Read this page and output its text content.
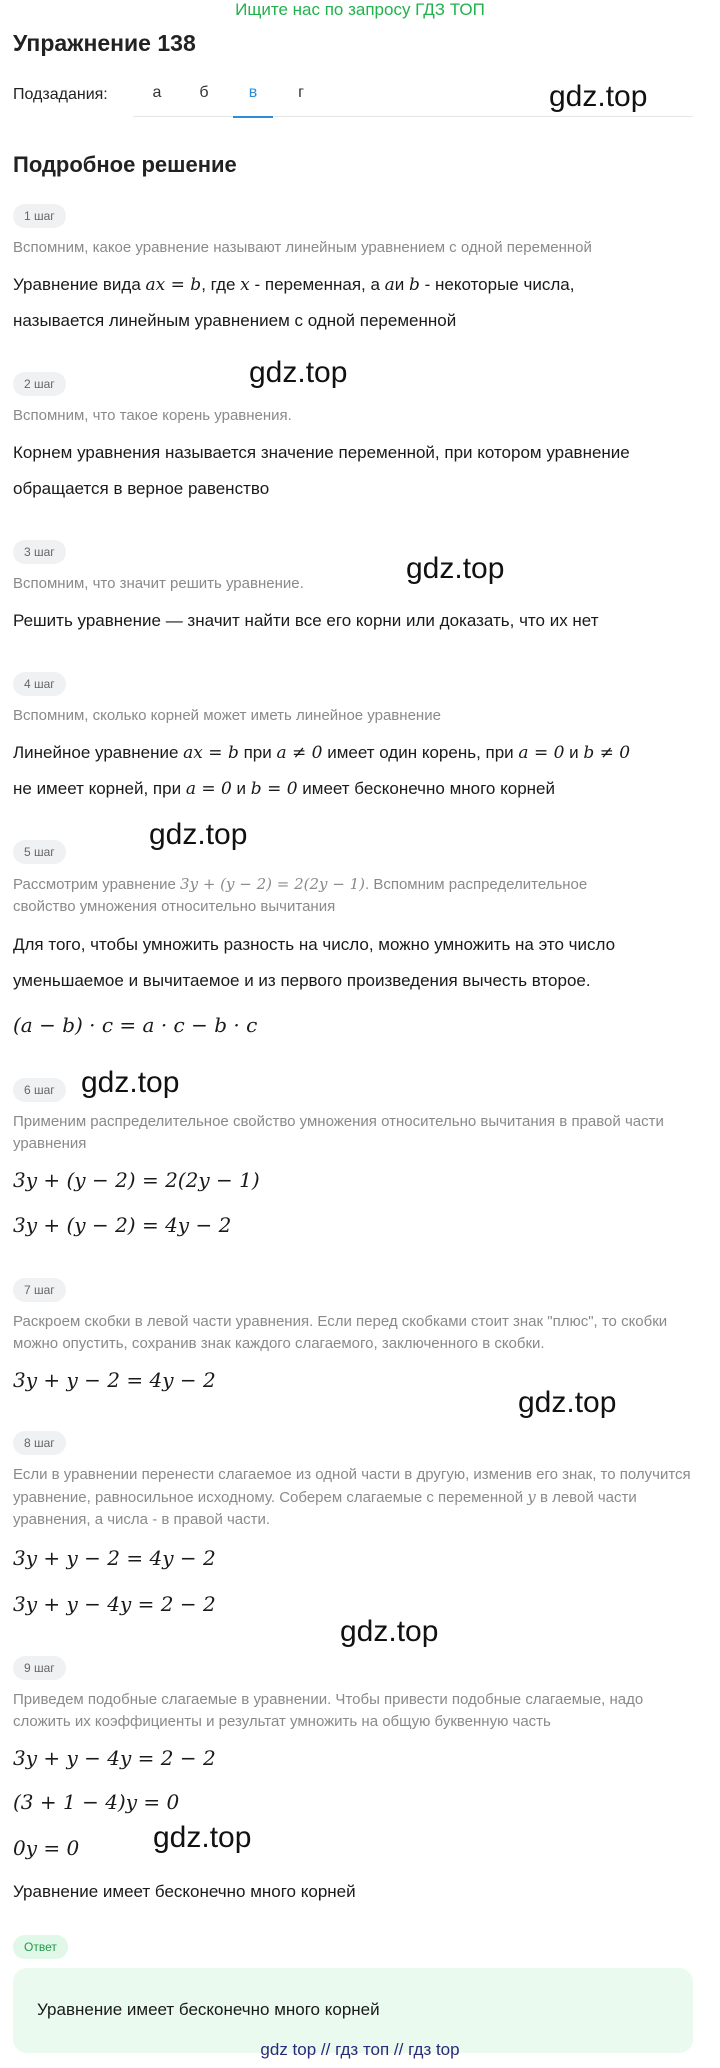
Ищите нас по запросу ГДЗ ТОП
Упражнение 138
Подзадания:	а	б	в	г	gdz.top
gdz.top
gdz.top
gdz.top
gdz.top
gdz.top
gdz.top
gdz.top
Подробное решение
1 шаг
Вспомним, какое уравнение называют линейным уравнением с одной переменной
Уравнение вида ax = b, где x - переменная, а aи b - некоторые числа,
называется линейным уравнением с одной переменной
2 шаг
Вспомним, что такое корень уравнения.
Корнем уравнения называется значение переменной, при котором уравнение
обращается в верное равенство
3 шаг
Вспомним, что значит решить уравнение.
Решить уравнение — значит найти все его корни или доказать, что их нет
4 шаг
Вспомним, сколько корней может иметь линейное уравнение
Линейное уравнение ax = b при a ≠ 0 имеет один корень, при a = 0 и b ≠ 0
не имеет корней, при a = 0 и b = 0 имеет бесконечно много корней
5 шаг
Рассмотрим уравнение 3y + (y − 2) = 2(2y − 1). Вспомним распределительное
свойство умножения относительно вычитания
Для того, чтобы умножить разность на число, можно умножить на это число
уменьшаемое и вычитаемое и из первого произведения вычесть второе.
(a − b) · c = a · c − b · c
6 шаг
Применим распределительное свойство умножения относительно вычитания в правой части уравнения
3y + (y − 2) = 2(2y − 1)
3y + (y − 2) = 4y − 2
7 шаг
Раскроем скобки в левой части уравнения. Если перед скобками стоит знак "плюс", то скобки можно опустить, сохранив знак каждого слагаемого, заключенного в скобки.
3y + y − 2 = 4y − 2
8 шаг
Если в уравнении перенести слагаемое из одной части в другую, изменив его знак, то получится уравнение, равносильное исходному. Соберем слагаемые с переменной y в левой части уравнения, а числа - в правой части.
3y + y − 2 = 4y − 2
3y + y − 4y = 2 − 2
9 шаг
Приведем подобные слагаемые в уравнении. Чтобы привести подобные слагаемые, надо сложить их коэффициенты и результат умножить на общую буквенную часть
3y + y − 4y = 2 − 2
(3 + 1 − 4)y = 0
0y = 0
Уравнение имеет бесконечно много корней
Ответ
Уравнение имеет бесконечно много корней
gdz top // гдз топ // гдз top
